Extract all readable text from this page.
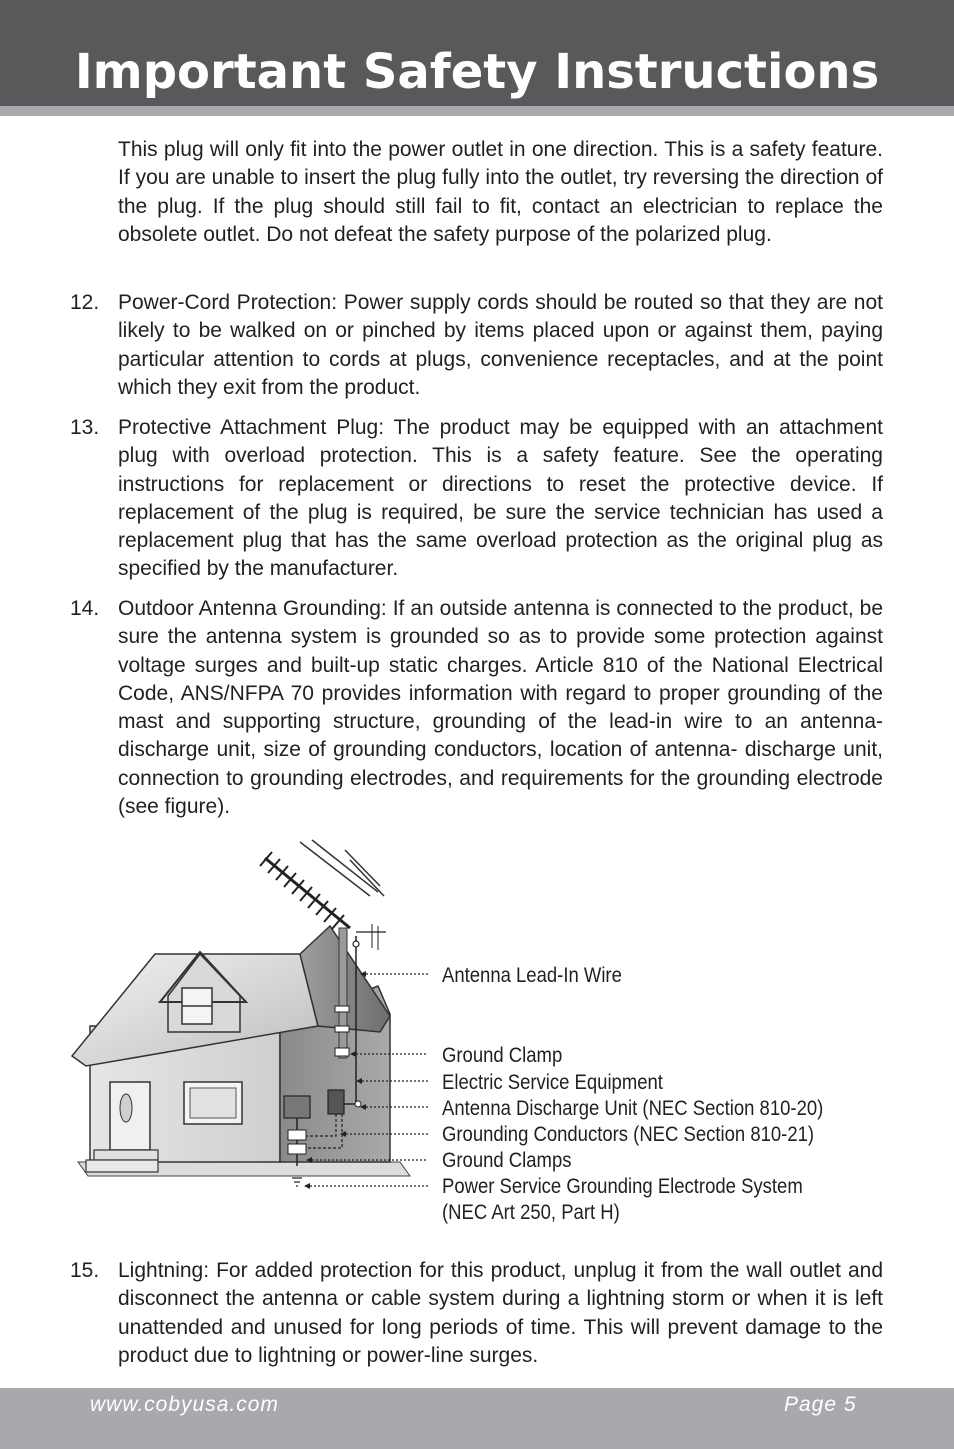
Important Safety Instructions

This plug will only fit into the power outlet in one direction. This is a safety feature. If you are unable to insert the plug fully into the outlet, try reversing the direction of the plug. If the plug should still fail to fit, contact an electrician to replace the obsolete outlet. Do not defeat the safety purpose of the polarized plug.

12. Power-Cord Protection: Power supply cords should be routed so that they are not likely to be walked on or pinched by items placed upon or against them, paying particular attention to cords at plugs, convenience receptacles, and at the point which they exit from the product.

13. Protective Attachment Plug: The product may be equipped with an attachment plug with overload protection. This is a safety feature. See the operating instructions for replacement or directions to reset the protective device. If replacement of the plug is required, be sure the service technician has used a replacement plug that has the same overload protection as the original plug as specified by the manufacturer.

14. Outdoor Antenna Grounding: If an outside antenna is connected to the product, be sure the antenna system is grounded so as to provide some protection against voltage surges and built-up static charges. Article 810 of the National Electrical Code, ANS/NFPA 70 provides information with regard to proper grounding of the mast and supporting structure, grounding of the lead-in wire to an antenna-discharge unit, size of grounding conductors, location of antenna- discharge unit, connection to grounding electrodes, and requirements for the grounding electrode (see figure).

Antenna Lead-In Wire
Ground Clamp
Electric Service Equipment
Antenna Discharge Unit (NEC Section 810-20)
Grounding Conductors (NEC Section 810-21)
Ground Clamps
Power Service Grounding Electrode System
(NEC Art 250, Part H)
15. Lightning: For added protection for this product, unplug it from the wall outlet and disconnect the antenna or cable system during a lightning storm or when it is left unattended and unused for long periods of time. This will prevent damage to the product due to lightning or power-line surges.

www.cobyusa.com	Page 5
